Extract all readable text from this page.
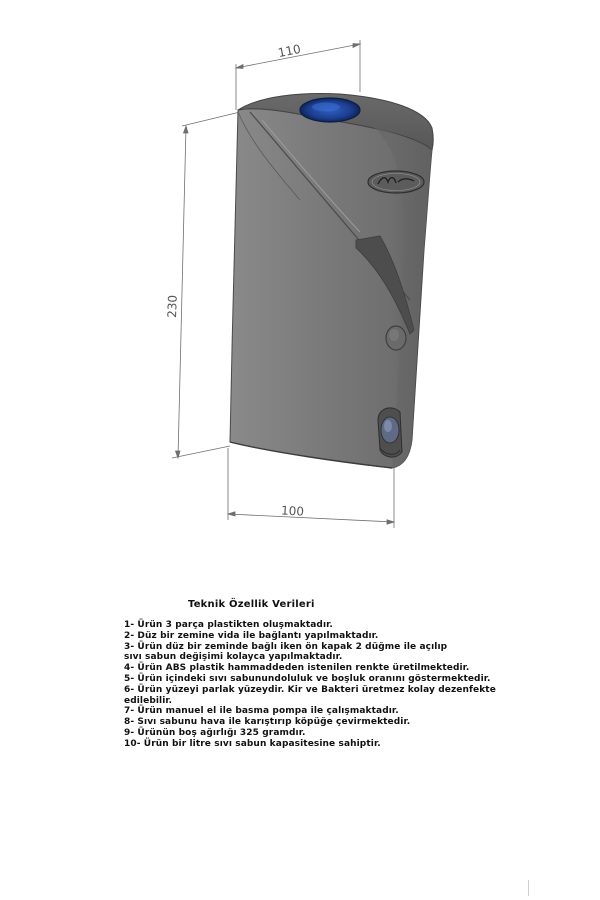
110
230
100
Teknik Özellik Verileri
1- Ürün 3 parça plastikten oluşmaktadır.
2- Düz bir zemine vida ile bağlantı yapılmaktadır.
3- Ürün düz bir zeminde bağlı iken ön kapak 2 düğme ile açılıp
sıvı sabun değişimi kolayca yapılmaktadır.
4- Ürün ABS plastik hammaddeden istenilen renkte üretilmektedir.
5- Ürün içindeki sıvı sabunundoluluk ve boşluk oranını göstermektedir.
6- Ürün yüzeyi parlak yüzeydir. Kir ve Bakteri üretmez kolay dezenfekte
edilebilir.
7- Ürün manuel el ile basma pompa ile çalışmaktadır.
8- Sıvı sabunu hava ile karıştırıp köpüğe çevirmektedir.
9- Ürünün boş ağırlığı 325 gramdır.
10- Ürün bir litre sıvı sabun kapasitesine sahiptir.
